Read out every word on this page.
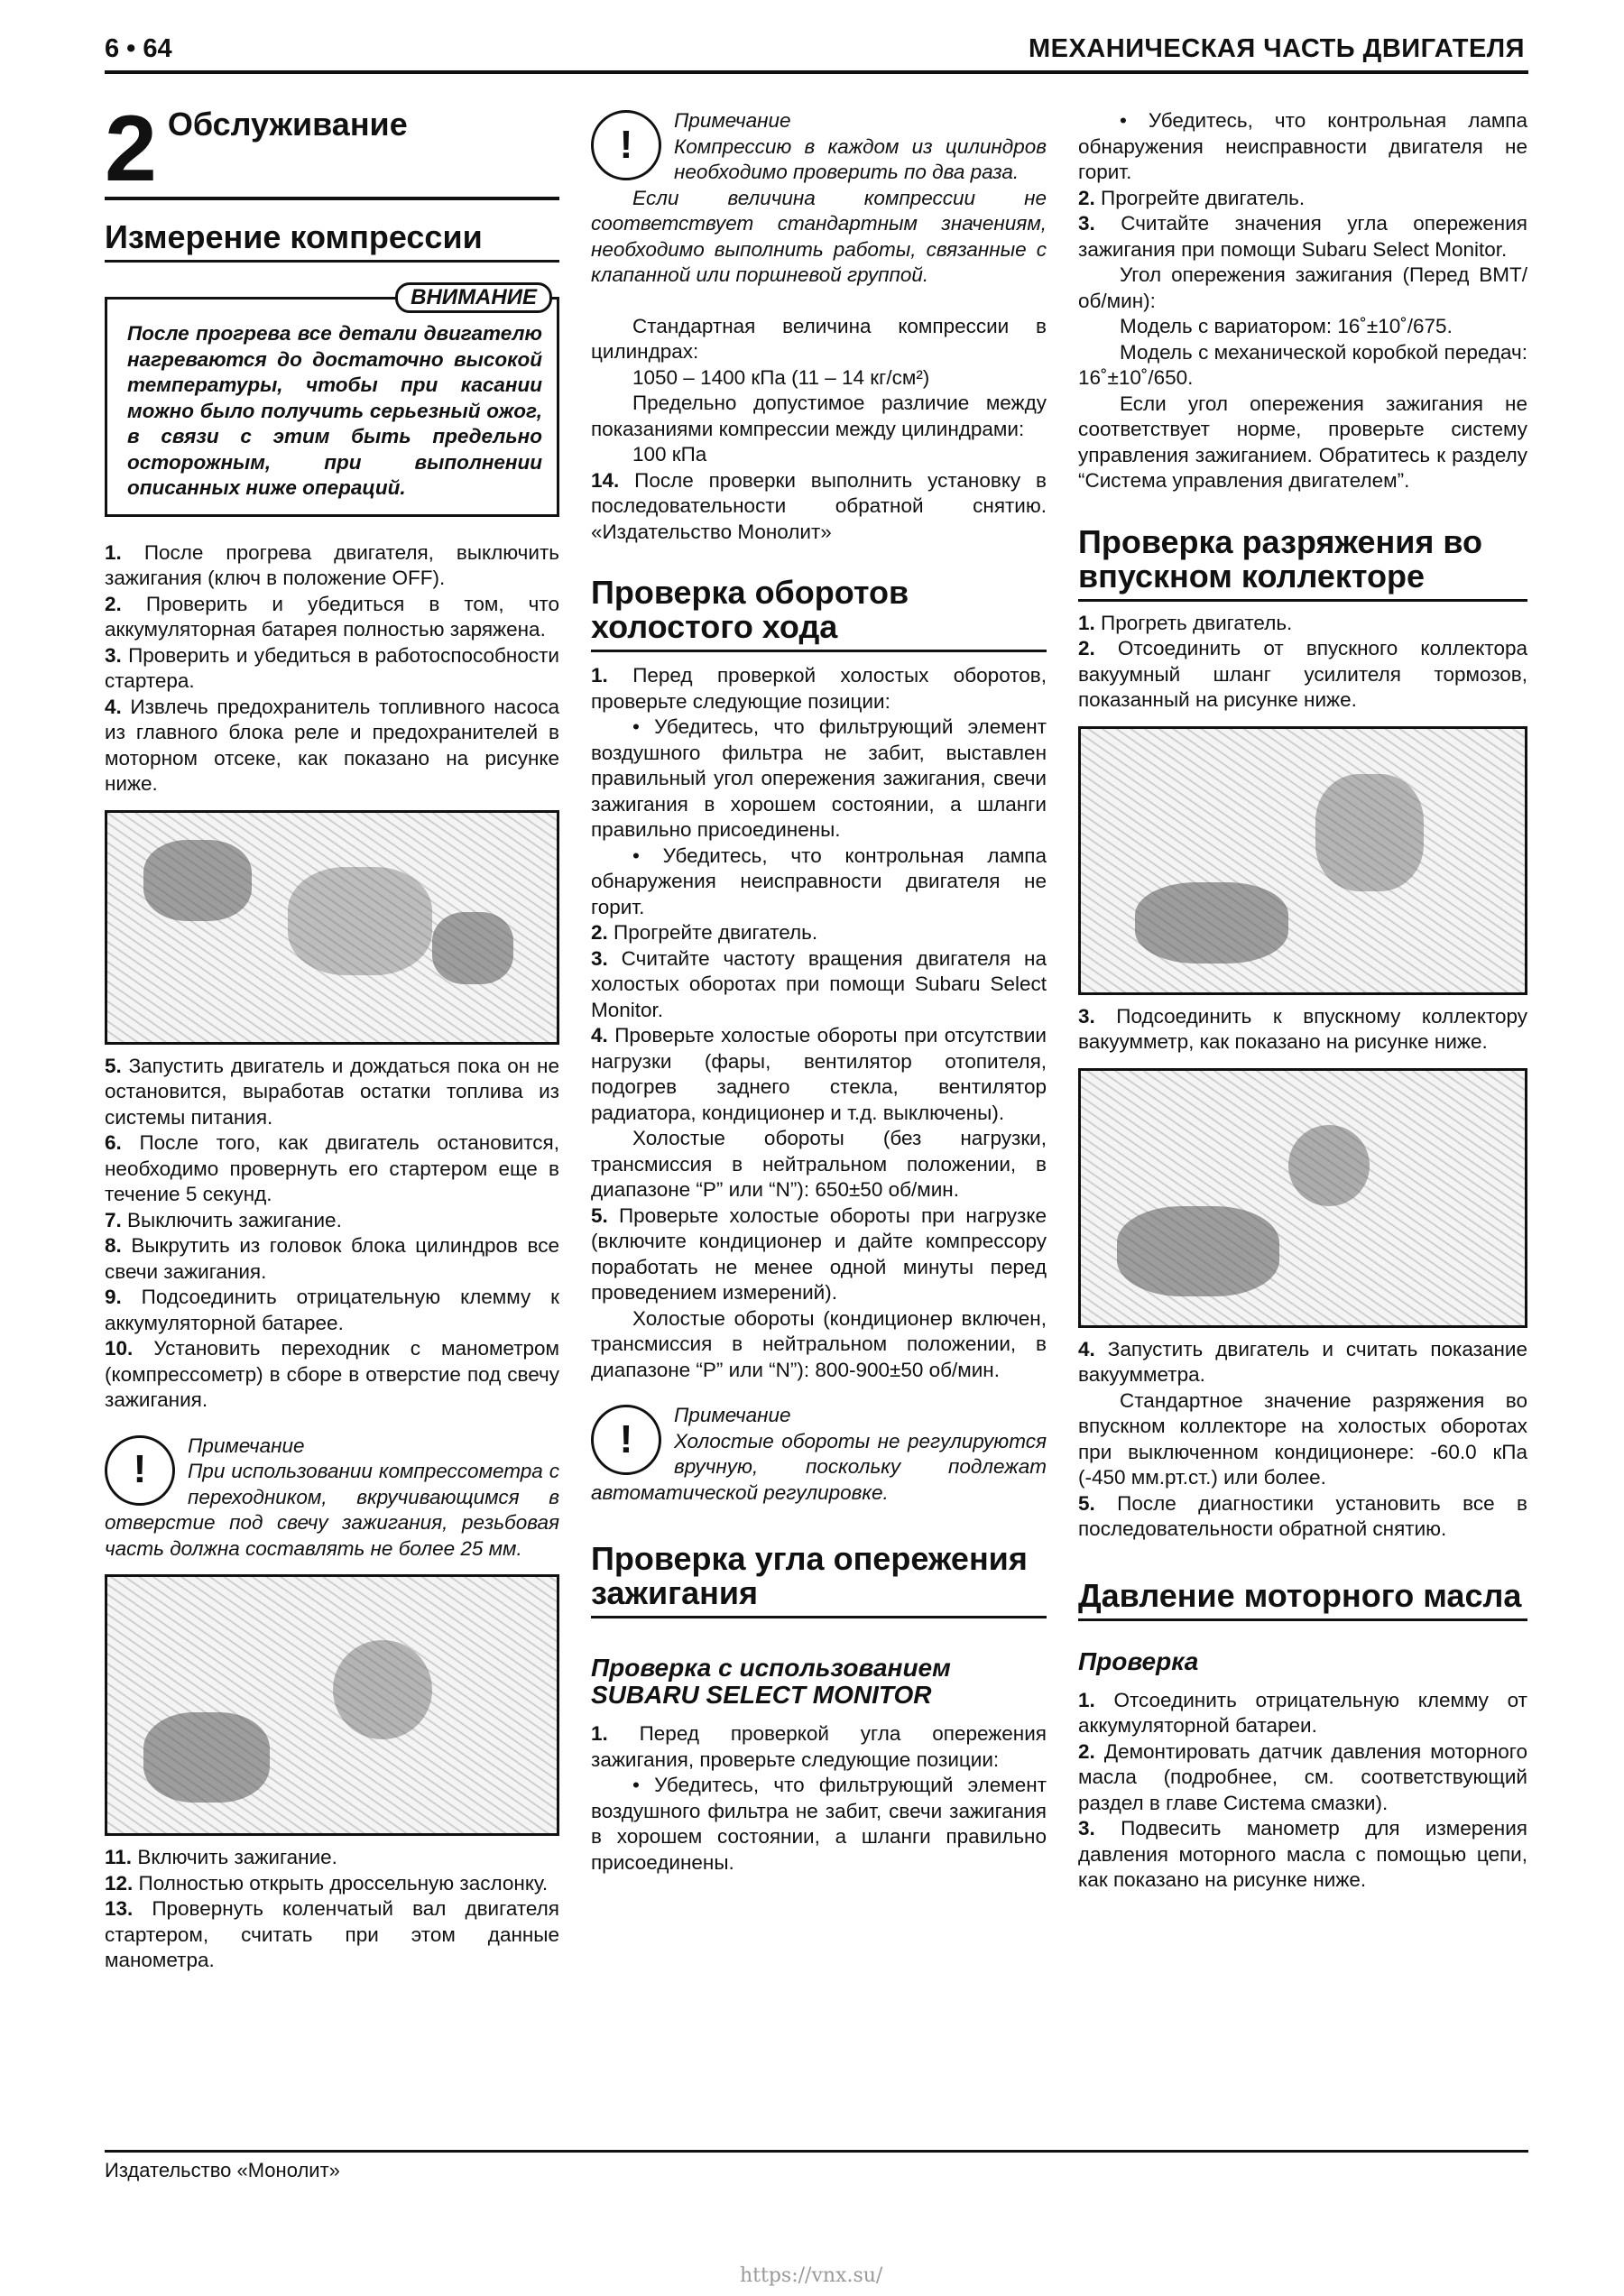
6 • 64	МЕХАНИЧЕСКАЯ ЧАСТЬ ДВИГАТЕЛЯ
2 Обслуживание
Измерение компрессии
ВНИМАНИЕ
После прогрева все детали двигателю нагреваются до достаточно высокой температуры, чтобы при касании можно было получить серьезный ожог, в связи с этим быть предельно осторожным, при выполнении описанных ниже операций.

1. После прогрева двигателя, выключить зажигания (ключ в положение OFF).

2. Проверить и убедиться в том, что аккумуляторная батарея полностью заряжена.

3. Проверить и убедиться в работоспособности стартера.

4. Извлечь предохранитель топливного насоса из главного блока реле и предохранителей в моторном отсеке, как показано на рисунке ниже.

5. Запустить двигатель и дождаться пока он не остановится, выработав остатки топлива из системы питания.

6. После того, как двигатель остановится, необходимо провернуть его стартером еще в течение 5 секунд.

7. Выключить зажигание.

8. Выкрутить из головок блока цилиндров все свечи зажигания.

9. Подсоединить отрицательную клемму к аккумуляторной батарее.

10. Установить переходник с манометром (компрессометр) в сборе в отверстие под свечу зажигания.

!

Примечание

При использовании компрессометра с переходником, вкручивающимся в отверстие под свечу зажигания, резьбовая часть должна составлять не более 25 мм.

11. Включить зажигание.

12. Полностью открыть дроссельную заслонку.

13. Провернуть коленчатый вал двигателя стартером, считать при этом данные манометра.

!

Примечание

Компрессию в каждом из цилиндров необходимо проверить по два раза.

Если величина компрессии не соответствует стандартным значениям, необходимо выполнить работы, связанные с клапанной или поршневой группой.

Стандартная величина компрессии в цилиндрах:

1050 – 1400 кПа (11 – 14 кг/см²)

Предельно допустимое различие между показаниями компрессии между цилиндрами:

100 кПа

14. После проверки выполнить установку в последовательности обратной снятию. «Издательство Монолит»

Проверка оборотов холостого хода

1. Перед проверкой холостых оборотов, проверьте следующие позиции:

• Убедитесь, что фильтрующий элемент воздушного фильтра не забит, выставлен правильный угол опережения зажигания, свечи зажигания в хорошем состоянии, а шланги правильно присоединены.

• Убедитесь, что контрольная лампа обнаружения неисправности двигателя не горит.

2. Прогрейте двигатель.

3. Считайте частоту вращения двигателя на холостых оборотах при помощи Subaru Select Monitor.

4. Проверьте холостые обороты при отсутствии нагрузки (фары, вентилятор отопителя, подогрев заднего стекла, вентилятор радиатора, кондиционер и т.д. выключены).

Холостые обороты (без нагрузки, трансмиссия в нейтральном положении, в диапазоне “P” или “N”): 650±50 об/мин.

5. Проверьте холостые обороты при нагрузке (включите кондиционер и дайте компрессору поработать не менее одной минуты перед проведением измерений).

Холостые обороты (кондиционер включен, трансмиссия в нейтральном положении, в диапазоне “P” или “N”): 800-900±50 об/мин.

!

Примечание

Холостые обороты не регулируются вручную, поскольку подлежат автоматической регулировке.

Проверка угла опережения зажигания
Проверка с использованием SUBARU SELECT MONITOR

1. Перед проверкой угла опережения зажигания, проверьте следующие позиции:

• Убедитесь, что фильтрующий элемент воздушного фильтра не забит, свечи зажигания в хорошем состоянии, а шланги правильно присоединены.

• Убедитесь, что контрольная лампа обнаружения неисправности двигателя не горит.

2. Прогрейте двигатель.

3. Считайте значения угла опережения зажигания при помощи Subaru Select Monitor.

Угол опережения зажигания (Перед ВМТ/об/мин):

Модель с вариатором: 16˚±10˚/675.

Модель с механической коробкой передач: 16˚±10˚/650.

Если угол опережения зажигания не соответствует норме, проверьте систему управления зажиганием. Обратитесь к разделу “Система управления двигателем”.

Проверка разряжения во впускном коллекторе

1. Прогреть двигатель.

2. Отсоединить от впускного коллектора вакуумный шланг усилителя тормозов, показанный на рисунке ниже.

3. Подсоединить к впускному коллектору вакуумметр, как показано на рисунке ниже.

4. Запустить двигатель и считать показание вакуумметра.

Стандартное значение разряжения во впускном коллекторе на холостых оборотах при выключенном кондиционере: -60.0 кПа (-450 мм.рт.ст.) или более.

5. После диагностики установить все в последовательности обратной снятию.

Давление моторного масла
Проверка

1. Отсоединить отрицательную клемму от аккумуляторной батареи.

2. Демонтировать датчик давления моторного масла (подробнее, см. соответствующий раздел в главе Система смазки).

3. Подвесить манометр для измерения давления моторного масла с помощью цепи, как показано на рисунке ниже.

Издательство «Монолит»
https://vnx.su/
